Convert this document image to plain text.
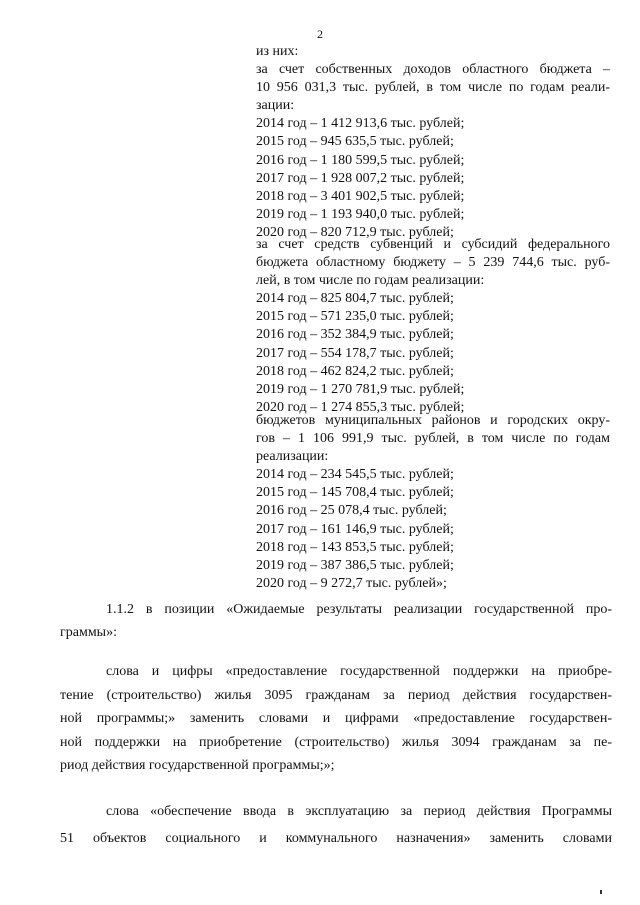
2
из них:
за счет собственных доходов областного бюджета –
10 956 031,3 тыс. рублей, в том числе по годам реали-
зации:
2014 год – 1 412 913,6 тыс. рублей;
2015 год – 945 635,5 тыс. рублей;
2016 год – 1 180 599,5 тыс. рублей;
2017 год – 1 928 007,2 тыс. рублей;
2018 год – 3 401 902,5 тыс. рублей;
2019 год – 1 193 940,0 тыс. рублей;
2020 год – 820 712,9 тыс. рублей;
за счет средств субвенций и субсидий федерального
бюджета областному бюджету – 5 239 744,6 тыс. руб-
лей, в том числе по годам реализации:
2014 год – 825 804,7 тыс. рублей;
2015 год – 571 235,0 тыс. рублей;
2016 год – 352 384,9 тыс. рублей;
2017 год – 554 178,7 тыс. рублей;
2018 год – 462 824,2 тыс. рублей;
2019 год – 1 270 781,9 тыс. рублей;
2020 год – 1 274 855,3 тыс. рублей;
бюджетов муниципальных районов и городских окру-
гов – 1 106 991,9 тыс. рублей, в том числе по годам
реализации:
2014 год – 234 545,5 тыс. рублей;
2015 год – 145 708,4 тыс. рублей;
2016 год – 25 078,4 тыс. рублей;
2017 год – 161 146,9 тыс. рублей;
2018 год – 143 853,5 тыс. рублей;
2019 год – 387 386,5 тыс. рублей;
2020 год – 9 272,7 тыс. рублей»;
1.1.2 в позиции «Ожидаемые результаты реализации государственной про-
граммы»:
слова и цифры «предоставление государственной поддержки на приобре-
тение (строительство) жилья 3095 гражданам за период действия государствен-
ной программы;» заменить словами и цифрами «предоставление государствен-
ной поддержки на приобретение (строительство) жилья 3094 гражданам за пе-
риод действия государственной программы;»;
слова «обеспечение ввода в эксплуатацию за период действия Программы
51 объектов социального и коммунального назначения» заменить словами
